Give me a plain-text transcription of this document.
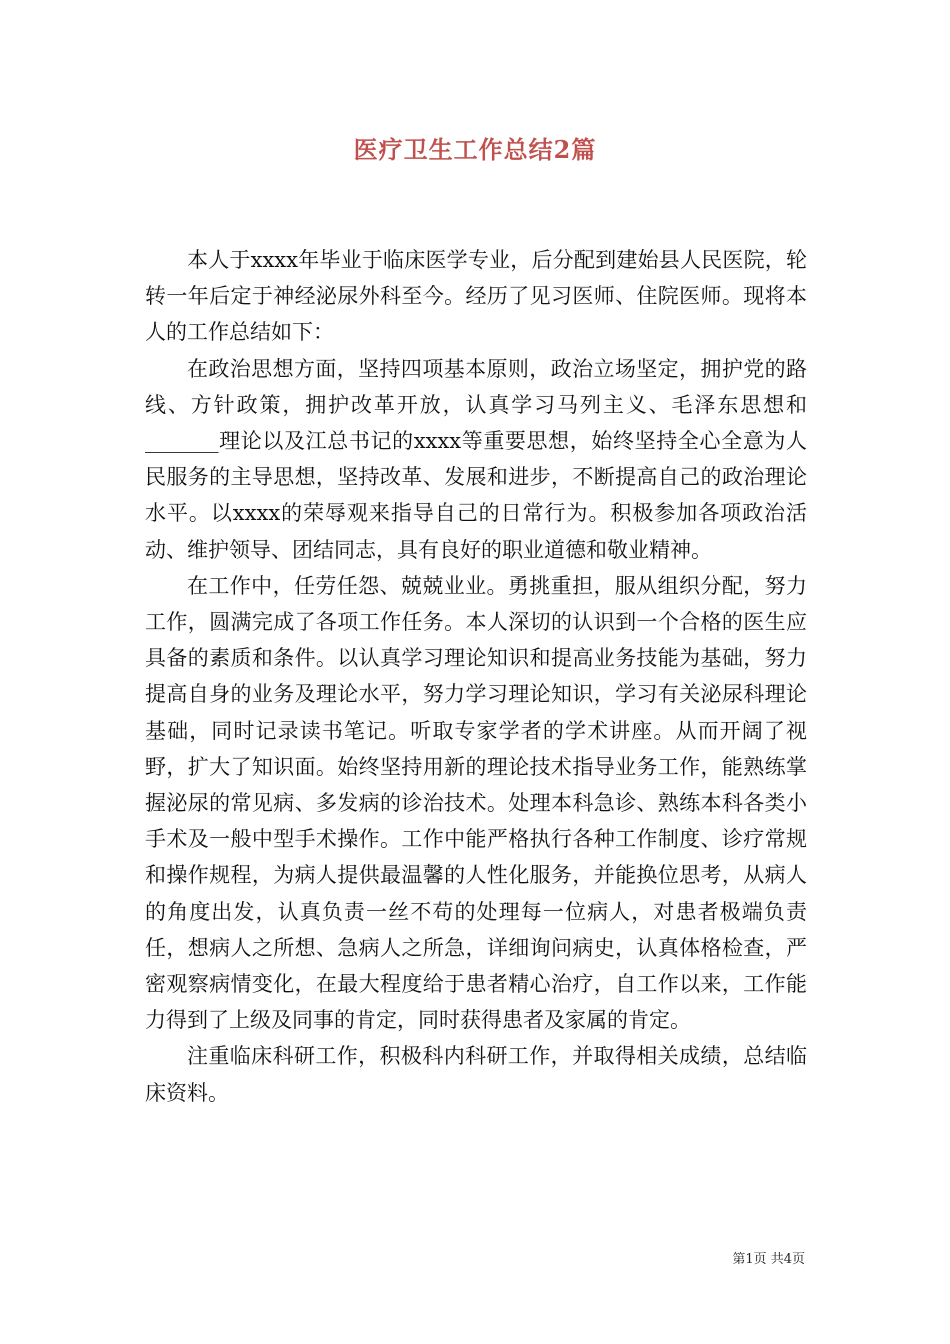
医疗卫生工作总结2篇

本人于xxxx年毕业于临床医学专业，后分配到建始县人民医院，轮转一年后定于神经泌尿外科至今。经历了见习医师、住院医师。现将本人的工作总结如下：

在政治思想方面，坚持四项基本原则，政治立场坚定，拥护党的路线、方针政策，拥护改革开放，认真学习马列主义、毛泽东思想和_______理论以及江总书记的xxxx等重要思想，始终坚持全心全意为人民服务的主导思想，坚持改革、发展和进步，不断提高自己的政治理论水平。以xxxx的荣辱观来指导自己的日常行为。积极参加各项政治活动、维护领导、团结同志，具有良好的职业道德和敬业精神。

在工作中，任劳任怨、兢兢业业。勇挑重担，服从组织分配，努力工作，圆满完成了各项工作任务。本人深切的认识到一个合格的医生应具备的素质和条件。以认真学习理论知识和提高业务技能为基础，努力提高自身的业务及理论水平，努力学习理论知识，学习有关泌尿科理论基础，同时记录读书笔记。听取专家学者的学术讲座。从而开阔了视野，扩大了知识面。始终坚持用新的理论技术指导业务工作，能熟练掌握泌尿的常见病、多发病的诊治技术。处理本科急诊、熟练本科各类小手术及一般中型手术操作。工作中能严格执行各种工作制度、诊疗常规和操作规程，为病人提供最温馨的人性化服务，并能换位思考，从病人的角度出发，认真负责一丝不苟的处理每一位病人，对患者极端负责任，想病人之所想、急病人之所急，详细询问病史，认真体格检查，严密观察病情变化，在最大程度给于患者精心治疗，自工作以来，工作能力得到了上级及同事的肯定，同时获得患者及家属的肯定。

注重临床科研工作，积极科内科研工作，并取得相关成绩，总结临床资料。

第1页 共4页
